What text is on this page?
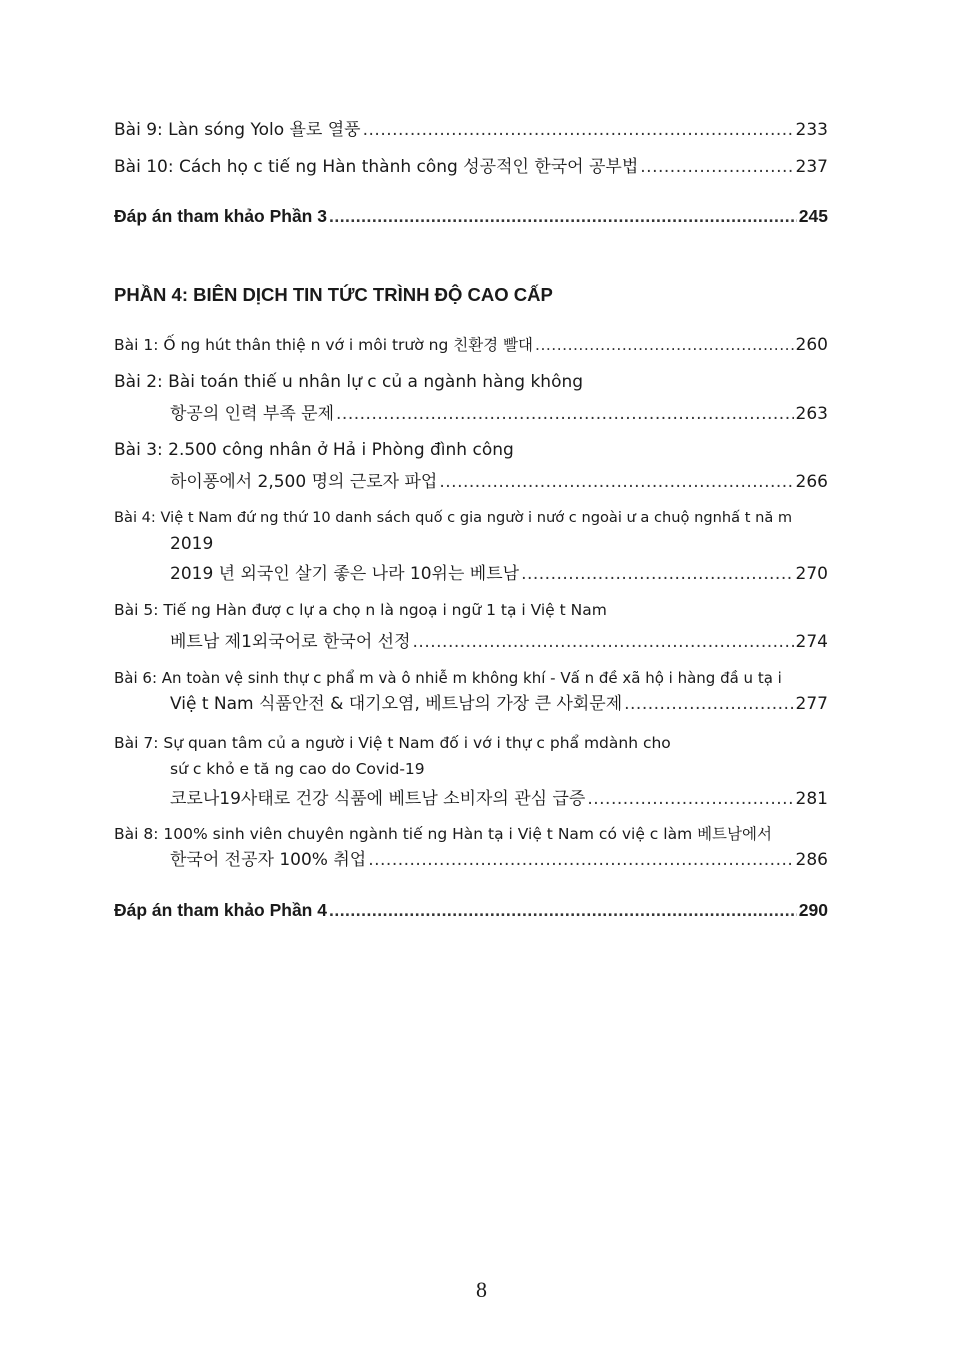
Bài 9: Làn sóng Yolo 욜로 열풍 .....	233
Bài 10: Cách họ c tiế ng Hàn thành công 성공적인 한국어 공부법 .....	237
Đáp án tham khảo Phần 3 .....	245
PHẦN 4: BIÊN DỊCH TIN TỨC TRÌNH ĐỘ CAO CẤP
Bài 1: Ố ng hút thân thiệ n vớ i môi trườ ng 친환경 빨대 .....	260
Bài 2: Bài toán thiế u nhân lự c củ a ngành hàng không
항공의 인력 부족 문제 .....	263
Bài 3: 2.500 công nhân ở Hả i Phòng đình công
하이퐁에서 2,500 명의 근로자 파업 .....	266
Bài 4: Việ t Nam đứ ng thứ 10 danh sách quố c gia ngườ i nướ c ngoài ư a chuộ ngnhấ t nă m
2019
2019 년 외국인 살기 좋은 나라 10위는 베트남 .....	270
Bài 5: Tiế ng Hàn đượ c lự a chọ n là ngoạ i ngữ 1 tạ i Việ t Nam
베트남 제1외국어로 한국어 선정 .....	274
Bài 6: An toàn vệ sinh thự c phẩ m và ô nhiễ m không khí - Vấ n đề xã hộ i hàng đầ u tạ i
Việ t Nam 식품안전 & 대기오염, 베트남의 가장 큰 사회문제 .....	277
Bài 7: Sự quan tâm củ a ngườ i Việ t Nam đố i vớ i thự c phẩ mdành cho
sứ c khỏ e tă ng cao do Covid-19
코로나19사태로 건강 식품에 베트남 소비자의 관심 급증 .....	281
Bài 8: 100% sinh viên chuyên ngành tiế ng Hàn tạ i Việ t Nam có việ c làm 베트남에서
한국어 전공자 100% 취업 .....	286
Đáp án tham khảo Phần 4 .....	290
8
